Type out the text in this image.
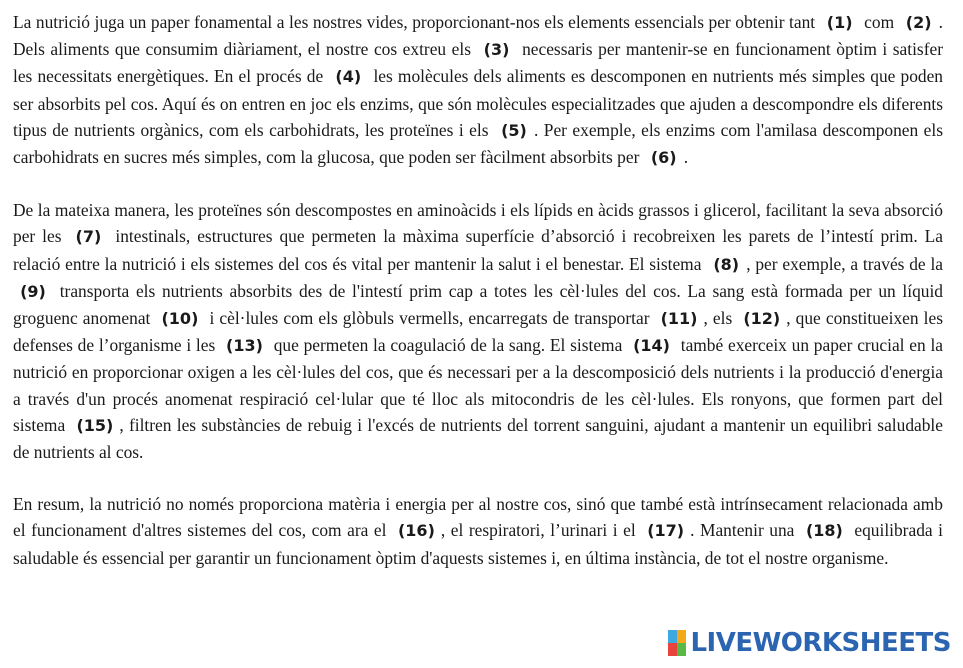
La nutrició juga un paper fonamental a les nostres vides, proporcionant-nos els elements essencials per obtenir tant (1) com (2) . Dels aliments que consumim diàriament, el nostre cos extreu els (3) necessaris per mantenir-se en funcionament òptim i satisfer les necessitats energètiques. En el procés de (4) les molècules dels aliments es descomponen en nutrients més simples que poden ser absorbits pel cos. Aquí és on entren en joc els enzims, que són molècules especialitzades que ajuden a descompondre els diferents tipus de nutrients orgànics, com els carbohidrats, les proteïnes i els (5) . Per exemple, els enzims com l'amilasa descomponen els carbohidrats en sucres més simples, com la glucosa, que poden ser fàcilment absorbits per (6) .

De la mateixa manera, les proteïnes són descompostes en aminoàcids i els lípids en àcids grassos i glicerol, facilitant la seva absorció per les (7) intestinals, estructures que permeten la màxima superfície d’absorció i recobreixen les parets de l’intestí prim. La relació entre la nutrició i els sistemes del cos és vital per mantenir la salut i el benestar. El sistema (8) , per exemple, a través de la (9) transporta els nutrients absorbits des de l'intestí prim cap a totes les cèl·lules del cos. La sang està formada per un líquid groguenc anomenat (10) i cèl·lules com els glòbuls vermells, encarregats de transportar (11) , els (12) , que constitueixen les defenses de l’organisme i les (13) que permeten la coagulació de la sang. El sistema (14) també exerceix un paper crucial en la nutrició en proporcionar oxigen a les cèl·lules del cos, que és necessari per a la descomposició dels nutrients i la producció d'energia a través d'un procés anomenat respiració cel·lular que té lloc als mitocondris de les cèl·lules. Els ronyons, que formen part del sistema (15) , filtren les substàncies de rebuig i l'excés de nutrients del torrent sanguini, ajudant a mantenir un equilibri saludable de nutrients al cos.

En resum, la nutrició no només proporciona matèria i energia per al nostre cos, sinó que també està intrínsecament relacionada amb el funcionament d'altres sistemes del cos, com ara el (16) , el respiratori, l’urinari i el (17) . Mantenir una (18) equilibrada i saludable és essencial per garantir un funcionament òptim d'aquests sistemes i, en última instància, de tot el nostre organisme.

LIVEWORKSHEETS
